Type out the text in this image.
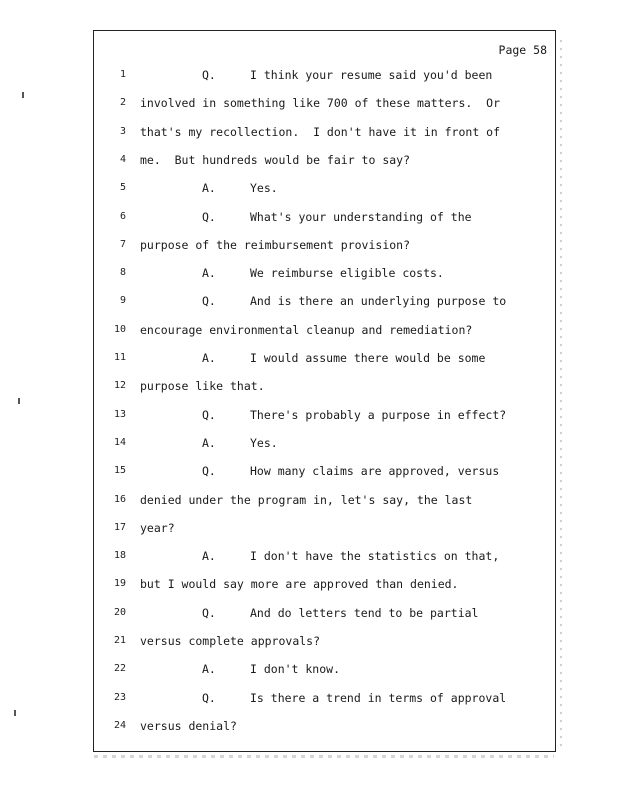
Page 58
1	Q.	I think your resume said you'd been
2 involved in something like 700 of these matters.  Or
3 that's my recollection.  I don't have it in front of
4 me.  But hundreds would be fair to say?
5	A.	Yes.
6	Q.	What's your understanding of the
7 purpose of the reimbursement provision?
8	A.	We reimburse eligible costs.
9	Q.	And is there an underlying purpose to
10 encourage environmental cleanup and remediation?
11	A.	I would assume there would be some
12 purpose like that.
13	Q.	There's probably a purpose in effect?
14	A.	Yes.
15	Q.	How many claims are approved, versus
16 denied under the program in, let's say, the last
17 year?
18	A.	I don't have the statistics on that,
19 but I would say more are approved than denied.
20	Q.	And do letters tend to be partial
21 versus complete approvals?
22	A.	I don't know.
23	Q.	Is there a trend in terms of approval
24 versus denial?
